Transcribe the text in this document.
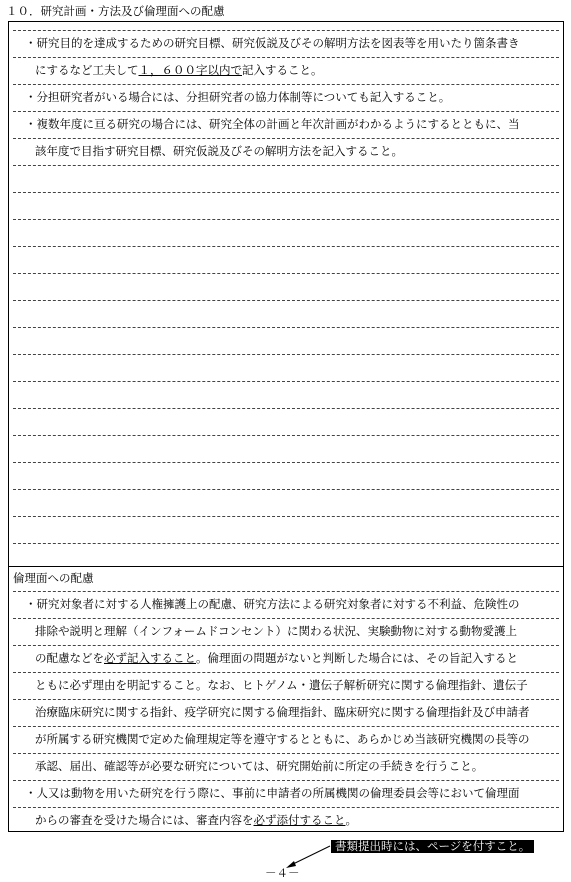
１０．研究計画・方法及び倫理面への配慮
倫理面への配慮
・研究目的を達成するための研究目標、研究仮説及びその解明方法を図表等を用いたり箇条書き
にするなど工夫して１，６００字以内で記入すること。
・分担研究者がいる場合には、分担研究者の協力体制等についても記入すること。
・複数年度に亘る研究の場合には、研究全体の計画と年次計画がわかるようにするとともに、当
該年度で目指す研究目標、研究仮説及びその解明方法を記入すること。
・研究対象者に対する人権擁護上の配慮、研究方法による研究対象者に対する不利益、危険性の
排除や説明と理解（インフォームドコンセント）に関わる状況、実験動物に対する動物愛護上
の配慮などを必ず記入すること。倫理面の問題がないと判断した場合には、その旨記入すると
ともに必ず理由を明記すること。なお、ヒトゲノム・遺伝子解析研究に関する倫理指針、遺伝子
治療臨床研究に関する指針、疫学研究に関する倫理指針、臨床研究に関する倫理指針及び申請者
が所属する研究機関で定めた倫理規定等を遵守するとともに、あらかじめ当該研究機関の長等の
承認、届出、確認等が必要な研究については、研究開始前に所定の手続きを行うこと。
・人又は動物を用いた研究を行う際に、事前に申請者の所属機関の倫理委員会等において倫理面
からの審査を受けた場合には、審査内容を必ず添付すること。
書類提出時には、ページを付すこと。
－４－
